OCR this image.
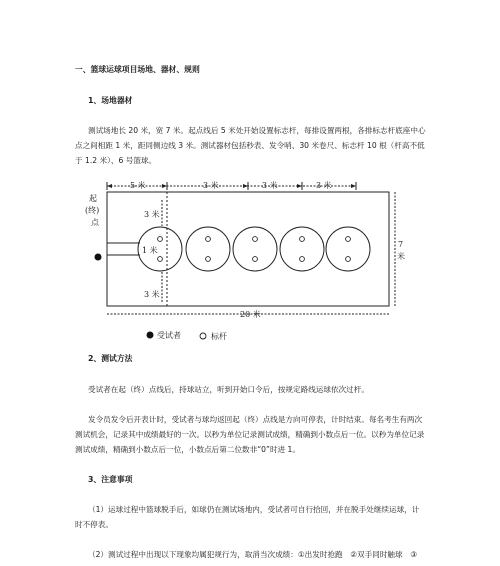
一、篮球运球项目场地、器材、规则
1、场地器材
测试场地长 20 米，宽 7 米。起点线后 5 米处开始设置标志杆，每排设置两根，各排标志杆底座中心
点之间相距 1 米，距同侧边线 3 米。测试器材包括秒表、发令哨、30 米卷尺、标志杆 10 根（杆高不低
于 1.2 米）、6 号篮球。
5 米	3 米	3 米	3 米
起
(终)
点
3 米
1 米
3 米
7
米
20 米
受试者	标杆
2、测试方法
受试者在起（终）点线后，持球站立，听到开始口令后，按规定路线运球依次过杆。
发令员发令后开表计时，受试者与球均返回起（终）点线是方向可停表，计时结束。每名考生有两次
测试机会，记录其中成绩最好的一次。以秒为单位记录测试成绩，精确到小数点后一位。以秒为单位记录
测试成绩，精确到小数点后一位，小数点后第二位数非“0”时进 1。
3、注意事项
（1）运球过程中篮球脱手后，如球仍在测试场地内，受试者可自行拾回，并在脱手处继续运球，计
时不停表。
（2）测试过程中出现以下现象均属犯规行为，取消当次成绩：①出发时抢跑　②双手同时触球　③
